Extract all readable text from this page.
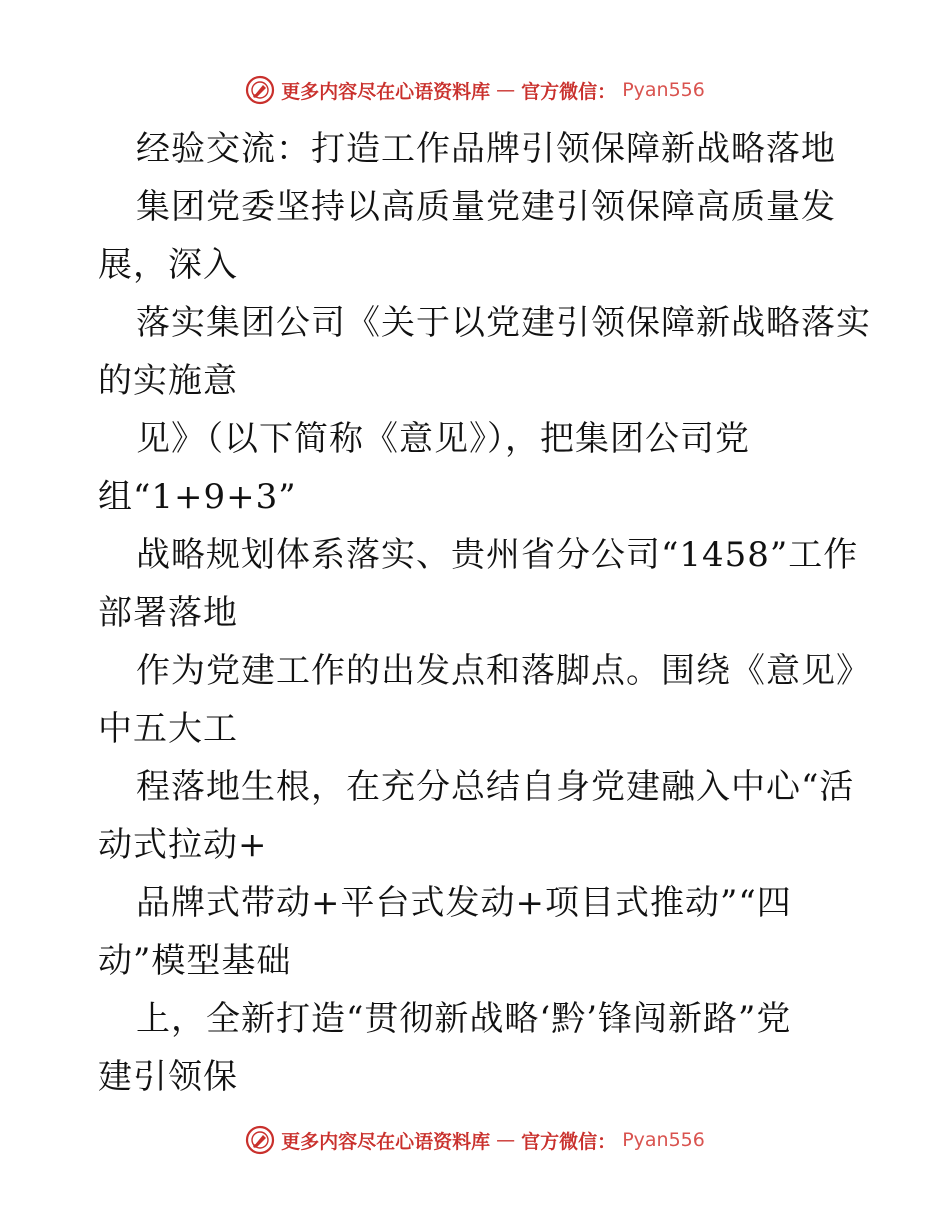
更多内容尽在心语资料库 — 官方微信： Pyan556
经验交流：打造工作品牌引领保障新战略落地
集团党委坚持以高质量党建引领保障高质量发
展，深入
落实集团公司《关于以党建引领保障新战略落实
的实施意
见》（以下简称《意见》），把集团公司党
组“1+9+3”
战略规划体系落实、贵州省分公司“1458”工作
部署落地
作为党建工作的出发点和落脚点。围绕《意见》
中五大工
程落地生根，在充分总结自身党建融入中心“活
动式拉动+
品牌式带动+平台式发动+项目式推动”“四
动”模型基础
上，全新打造“贯彻新战略‘黔’锋闯新路”党
建引领保
更多内容尽在心语资料库 — 官方微信： Pyan556
